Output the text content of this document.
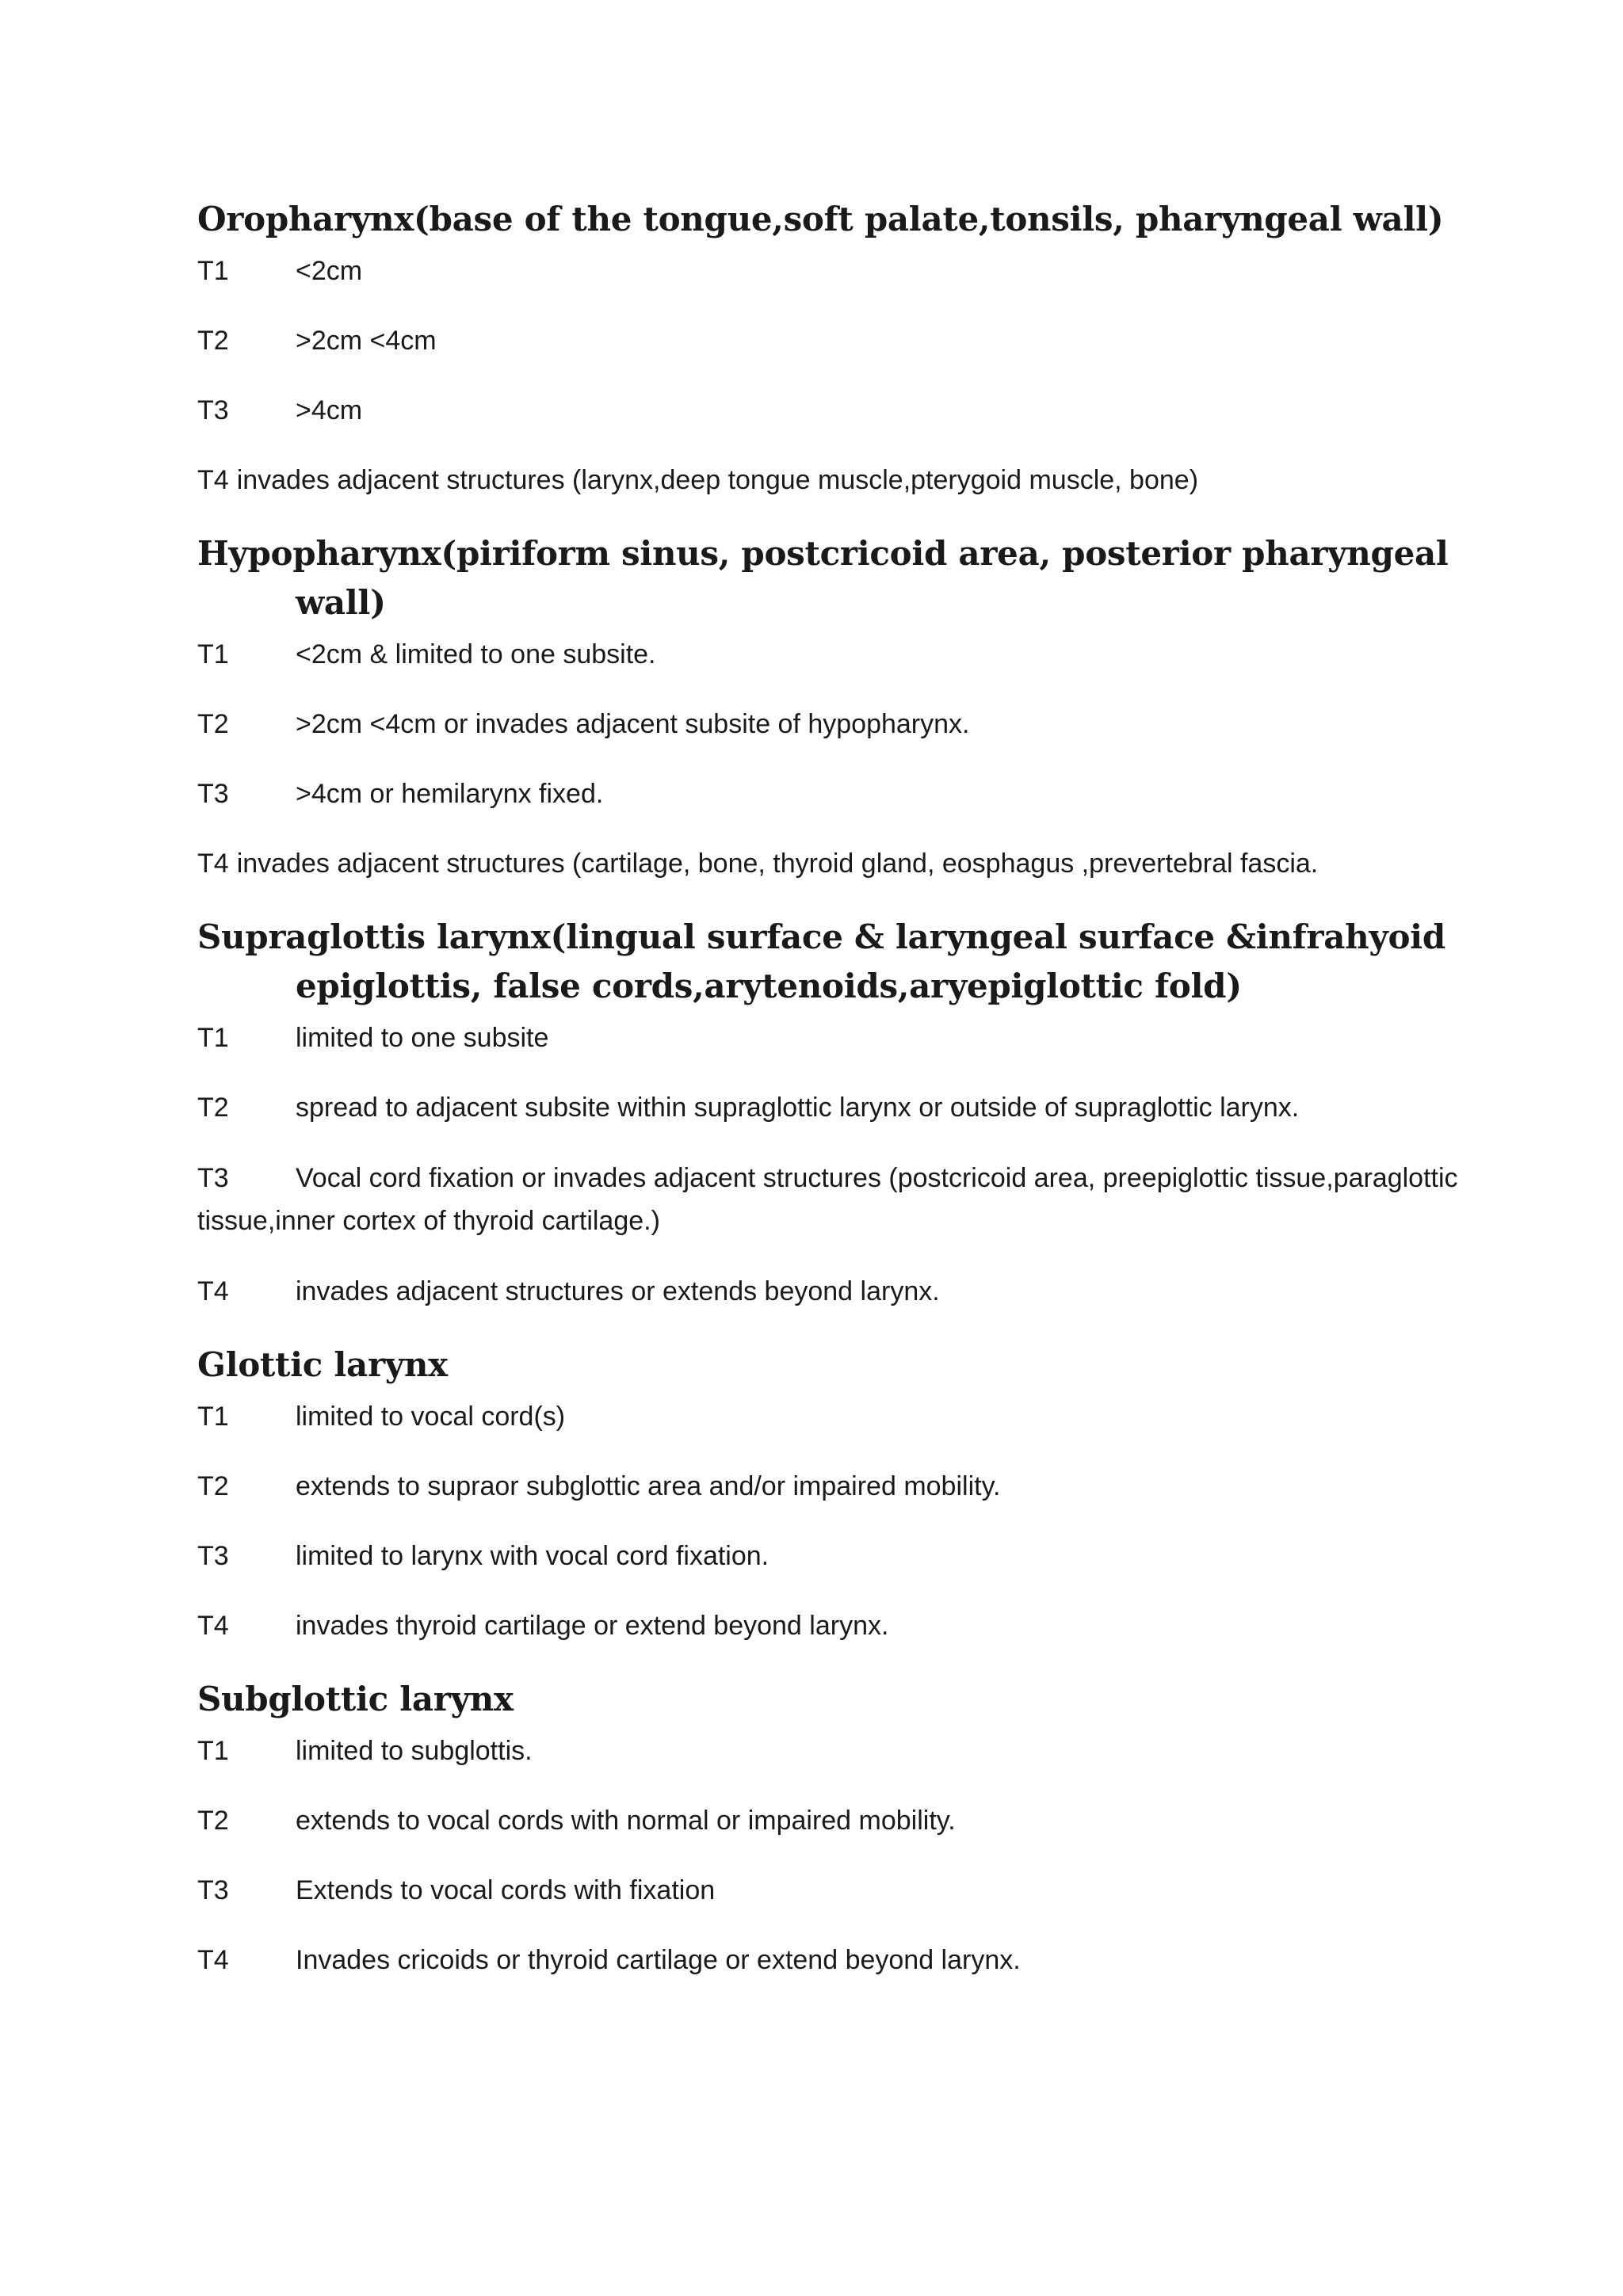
Oropharynx(base of the tongue,soft palate,tonsils, pharyngeal wall)
T1 <2cm
T2 >2cm <4cm
T3 >4cm
T4 invades adjacent structures (larynx,deep tongue muscle,pterygoid muscle, bone)
Hypopharynx(piriform sinus, postcricoid area, posterior pharyngeal wall)
T1 <2cm & limited to one subsite.
T2 >2cm <4cm or invades adjacent subsite of hypopharynx.
T3 >4cm or hemilarynx fixed.
T4 invades adjacent structures (cartilage, bone, thyroid gland, eosphagus ,prevertebral fascia.
Supraglottis larynx(lingual surface & laryngeal surface &infrahyoid epiglottis, false cords,arytenoids,aryepiglottic fold)
T1 limited to one subsite
T2 spread to adjacent subsite within supraglottic larynx or outside of supraglottic larynx.
T3 Vocal cord fixation or invades adjacent structures (postcricoid area, preepiglottic tissue,paraglottic tissue,inner cortex of thyroid cartilage.)
T4 invades adjacent structures or extends beyond larynx.
Glottic larynx
T1 limited to vocal cord(s)
T2 extends to supraor subglottic area and/or impaired mobility.
T3 limited to larynx with vocal cord fixation.
T4 invades thyroid cartilage or extend beyond larynx.
Subglottic larynx
T1 limited to subglottis.
T2 extends to vocal cords with normal or impaired mobility.
T3 Extends to vocal cords with fixation
T4 Invades cricoids or thyroid cartilage or extend beyond larynx.
